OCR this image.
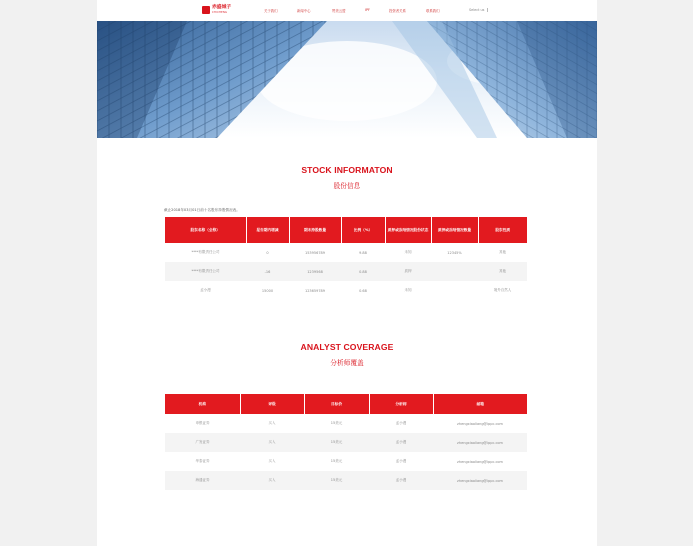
赤盛城子
CHICHENG	关于我们	新闻中心	赞美云盟	IPF	投资者关系	联系我们	Select us
STOCK INFORMATON
股份信息
截止2018年03月01日前十名股东持股情况表。
股东名称（全称）	报告期内增减	期末持股数量	比例（%）	质押或冻结情况股份状态	质押或冻结情况数量	股东性质
****有限责任公司	0	153956789	9.88	未知	12345%	其他
****有限责任公司	-16	1239568	0.88	质押		其他
孟小漫	15000	123659789	0.68	未知		境外自然人
ANALYST COVERAGE
分析师覆盖
机构	评级	目标价	分析师	邮箱
申银证券	买入	15美元	孟小漫	zhengxiaoliang@ippc.com
广发证券	买入	15美元	孟小漫	zhengxiaoliang@ippc.com
华泰证券	买入	15美元	孟小漫	zhengxiaoliang@ippc.com
海通证券	买入	15美元	孟小漫	zhengxiaoliang@ippc.com
